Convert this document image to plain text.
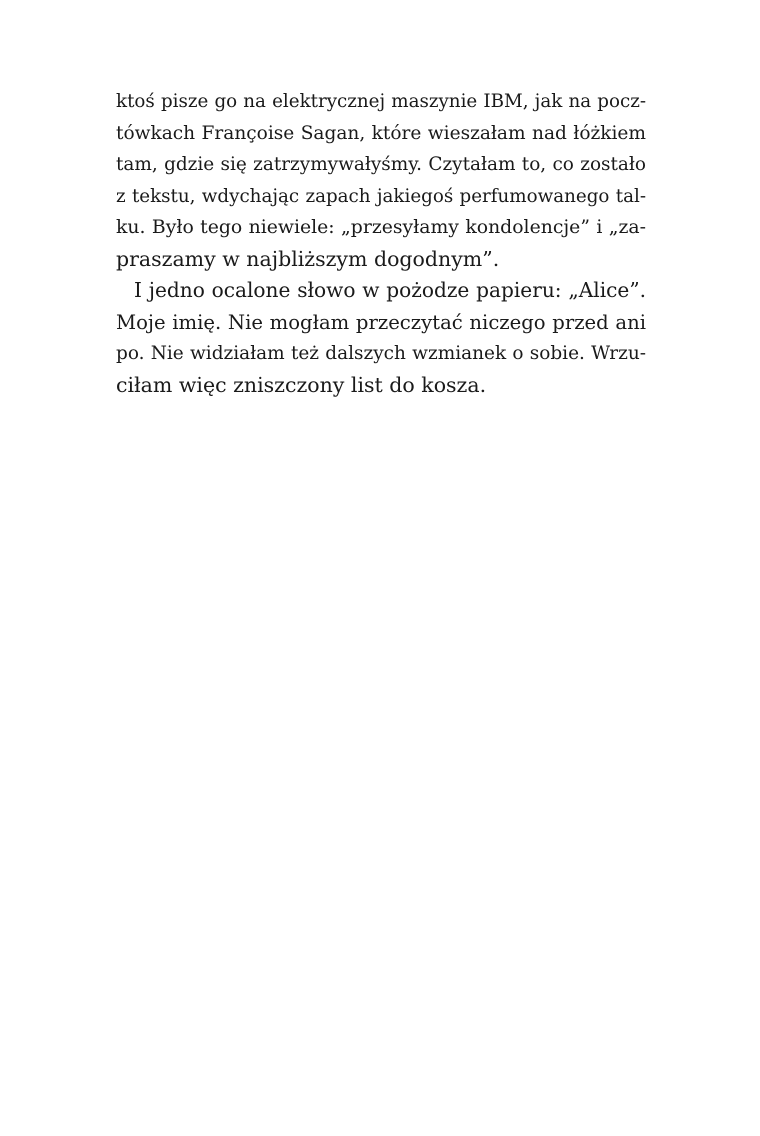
ktoś pisze go na elektrycznej maszynie IBM, jak na pocz-
tówkach Françoise Sagan, które wieszałam nad łóżkiem
tam, gdzie się zatrzymywałyśmy. Czytałam to, co zostało
z tekstu, wdychając zapach jakiegoś perfumowanego tal-
ku. Było tego niewiele: „przesyłamy kondolencje” i „za-
praszamy w najbliższym dogodnym”.
I jedno ocalone słowo w pożodze papieru: „Alice”.
Moje imię. Nie mogłam przeczytać niczego przed ani
po. Nie widziałam też dalszych wzmianek o sobie. Wrzu-
ciłam więc zniszczony list do kosza.
